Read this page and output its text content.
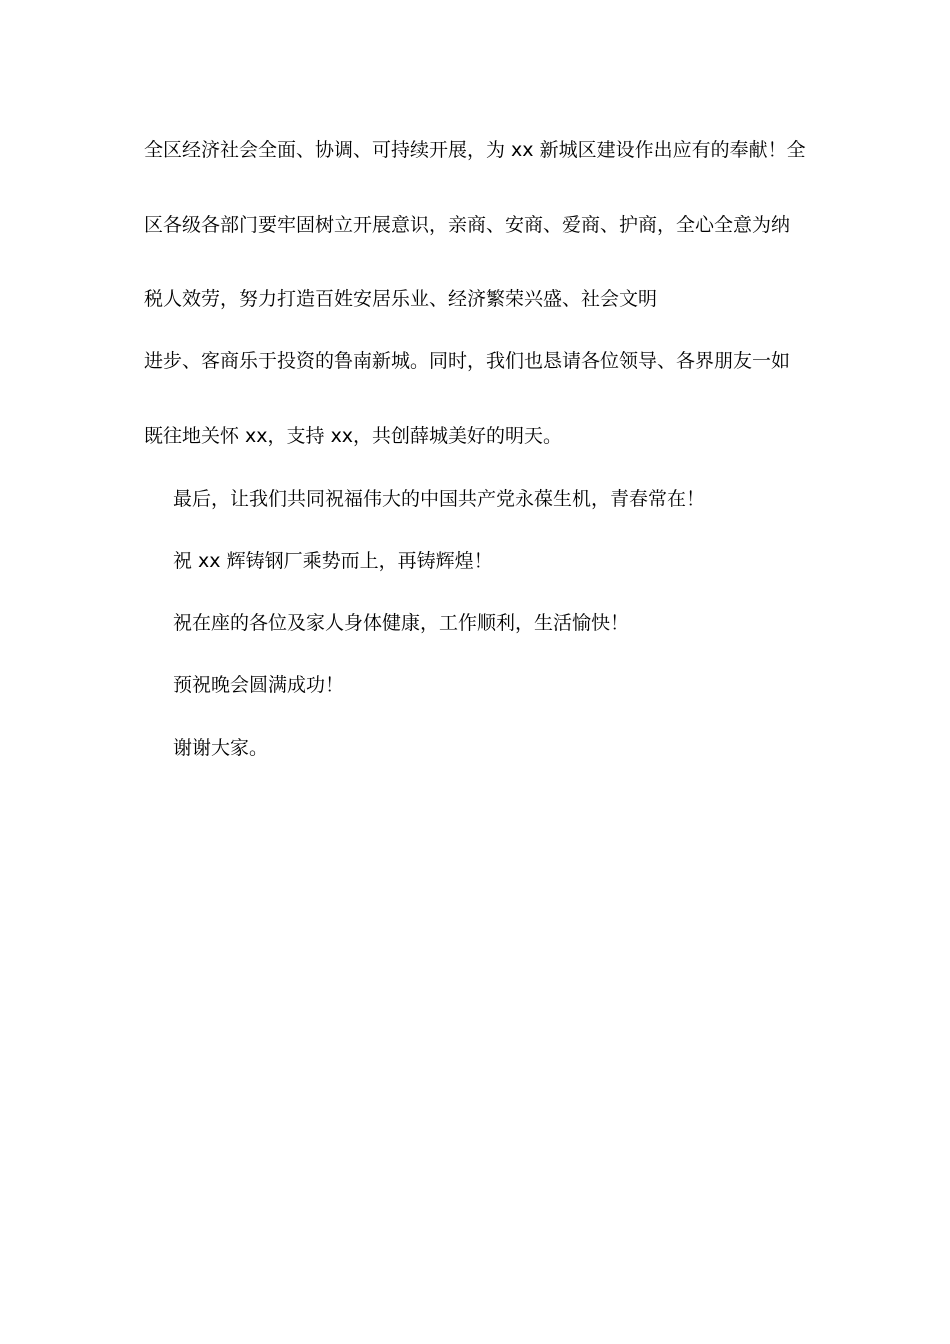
全区经济社会全面、协调、可持续开展，为 xx 新城区建设作出应有的奉献！全
区各级各部门要牢固树立开展意识，亲商、安商、爱商、护商，全心全意为纳
税人效劳，努力打造百姓安居乐业、经济繁荣兴盛、社会文明
进步、客商乐于投资的鲁南新城。同时，我们也恳请各位领导、各界朋友一如
既往地关怀 xx，支持 xx，共创薛城美好的明天。
最后，让我们共同祝福伟大的中国共产党永葆生机，青春常在！
祝 xx 辉铸钢厂乘势而上，再铸辉煌！
祝在座的各位及家人身体健康，工作顺利，生活愉快！
预祝晚会圆满成功！
谢谢大家。
